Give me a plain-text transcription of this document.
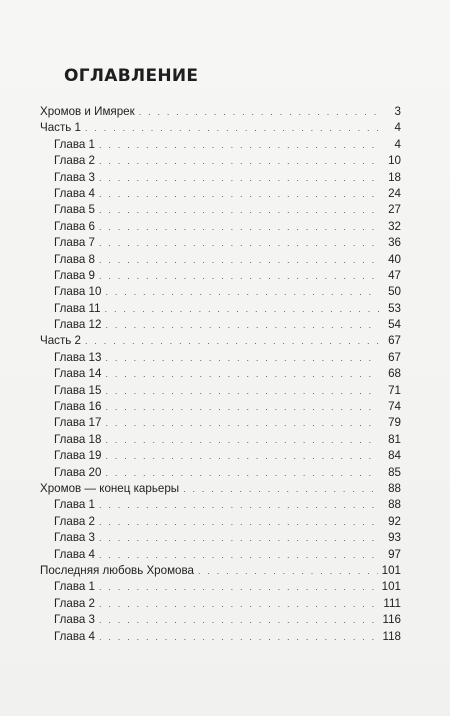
ОГЛАВЛЕНИЕ
Хромов и Имярек . . .	3
Часть 1 . . .	4
Глава 1 . . .	4
Глава 2 . . .	10
Глава 3 . . .	18
Глава 4 . . .	24
Глава 5 . . .	27
Глава 6 . . .	32
Глава 7 . . .	36
Глава 8 . . .	40
Глава 9 . . .	47
Глава 10 . . .	50
Глава 11 . . .	53
Глава 12 . . .	54
Часть 2 . . .	67
Глава 13 . . .	67
Глава 14 . . .	68
Глава 15 . . .	71
Глава 16 . . .	74
Глава 17 . . .	79
Глава 18 . . .	81
Глава 19 . . .	84
Глава 20 . . .	85
Хромов — конец карьеры . . .	88
Глава 1 . . .	88
Глава 2 . . .	92
Глава 3 . . .	93
Глава 4 . . .	97
Последняя любовь Хромова . . .	101
Глава 1 . . .	101
Глава 2 . . .	111
Глава 3 . . .	116
Глава 4 . . .	118
